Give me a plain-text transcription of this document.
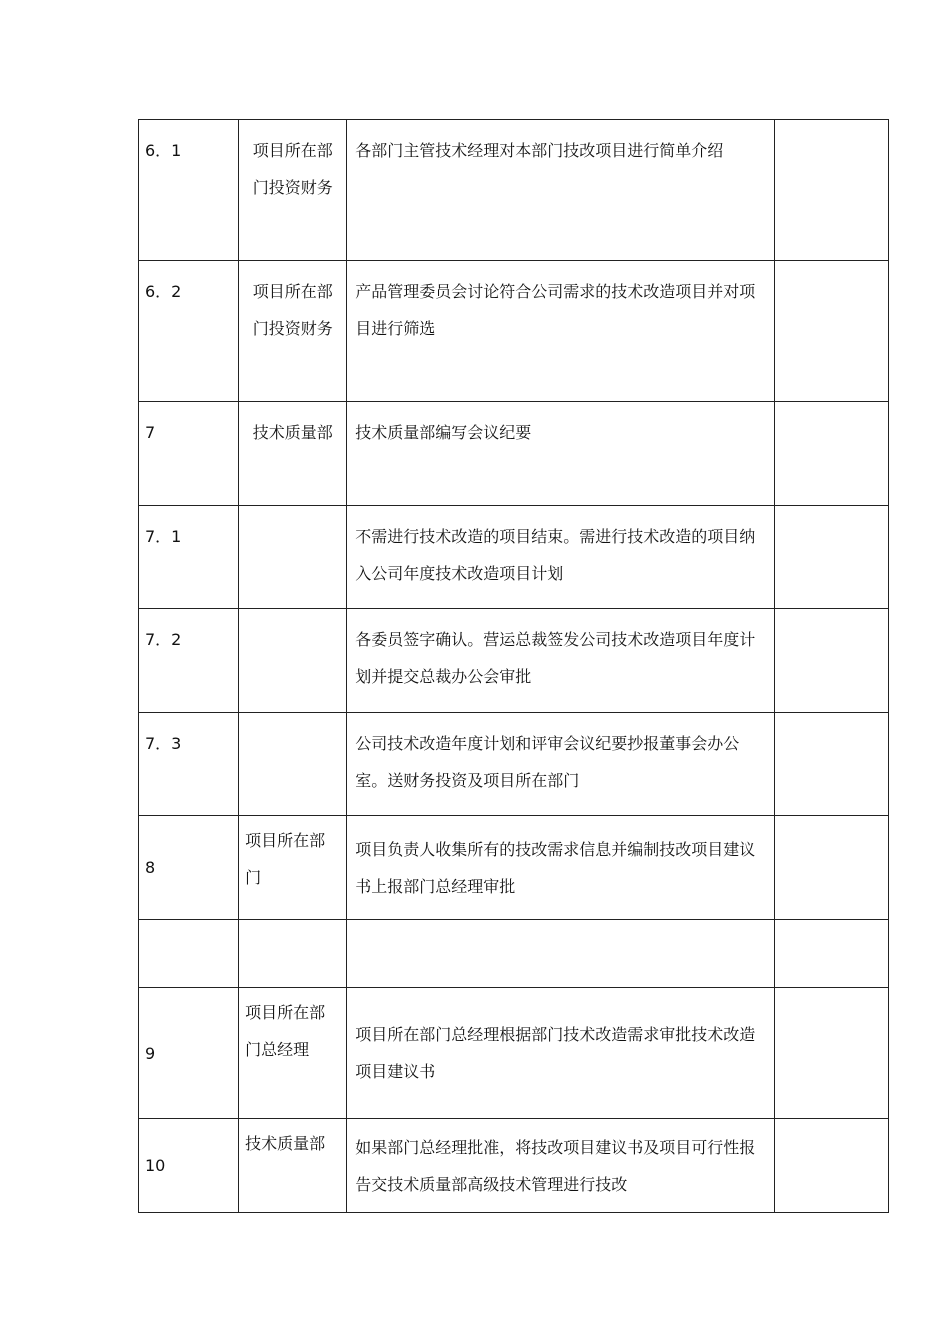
6．1	项目所在部门投资财务	各部门主管技术经理对本部门技改项目进行简单介绍	
6．2	项目所在部门投资财务	产品管理委员会讨论符合公司需求的技术改造项目并对项目进行筛选	
7	技术质量部	技术质量部编写会议纪要	
7．1		不需进行技术改造的项目结束。需进行技术改造的项目纳入公司年度技术改造项目计划	
7．2		各委员签字确认。营运总裁签发公司技术改造项目年度计划并提交总裁办公会审批	
7．3		公司技术改造年度计划和评审会议纪要抄报董事会办公室。送财务投资及项目所在部门	
8	项目所在部门	项目负责人收集所有的技改需求信息并编制技改项目建议书上报部门总经理审批	

9	项目所在部门总经理	项目所在部门总经理根据部门技术改造需求审批技术改造项目建议书	
10	技术质量部	如果部门总经理批准，将技改项目建议书及项目可行性报告交技术质量部高级技术管理进行技改	
